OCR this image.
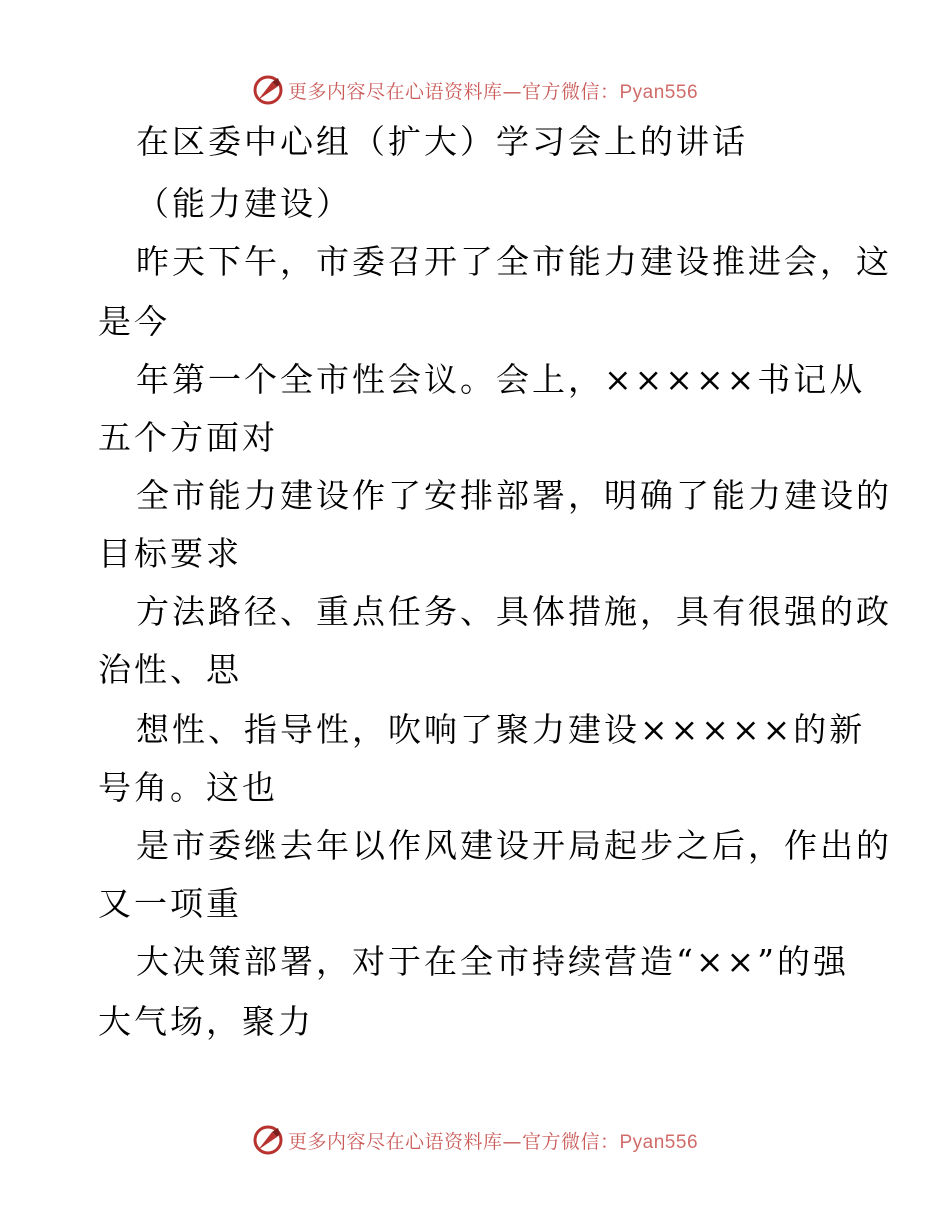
更多内容尽在心语资料库—官方微信：Pyan556
在区委中心组（扩大）学习会上的讲话
（能力建设）
昨天下午，市委召开了全市能力建设推进会，这
是今
年第一个全市性会议。会上，×××××书记从
五个方面对
全市能力建设作了安排部署，明确了能力建设的
目标要求
方法路径、重点任务、具体措施，具有很强的政
治性、思
想性、指导性，吹响了聚力建设×××××的新
号角。这也
是市委继去年以作风建设开局起步之后，作出的
又一项重
大决策部署，对于在全市持续营造“××”的强
大气场，聚力
更多内容尽在心语资料库—官方微信：Pyan556
